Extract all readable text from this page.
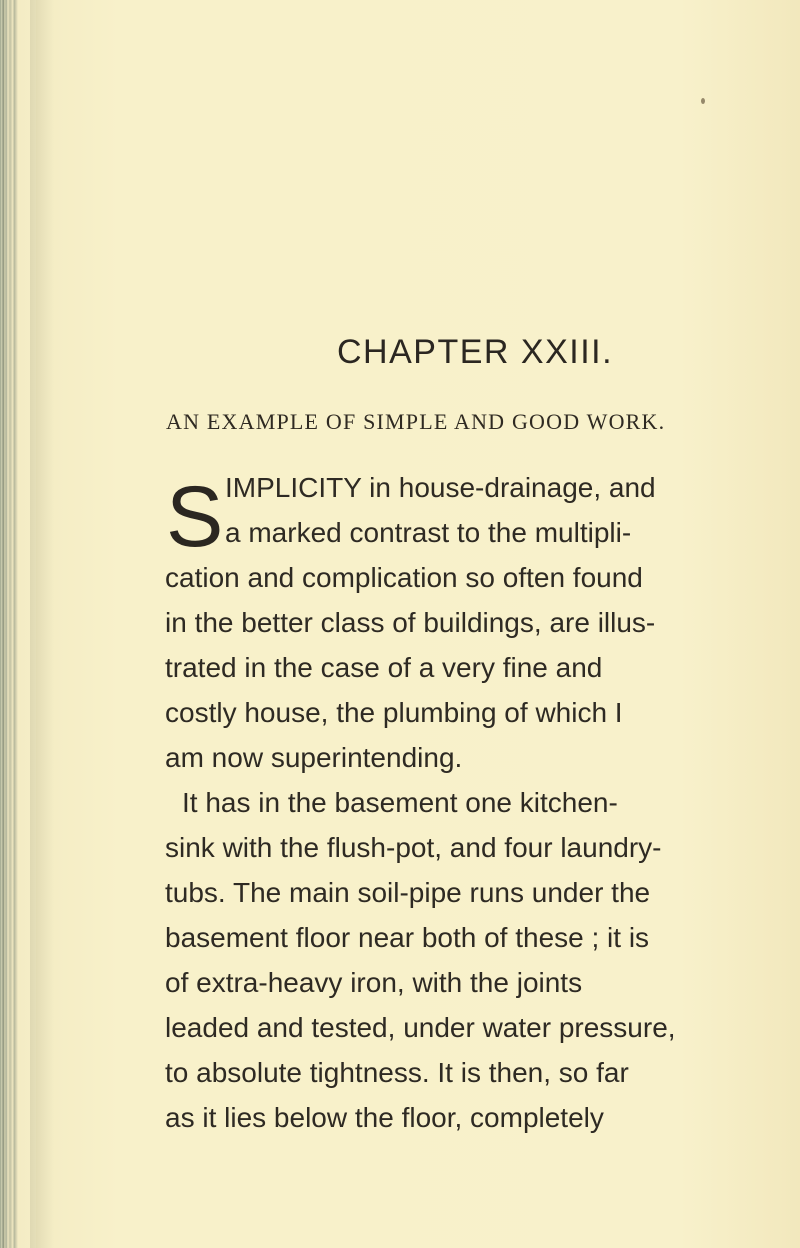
CHAPTER XXIII.
AN EXAMPLE OF SIMPLE AND GOOD WORK.
S IMPLICITY in house-drainage, and
a marked contrast to the multipli-
cation and complication so often found
in the better class of buildings, are illus-
trated in the case of a very fine and
costly house, the plumbing of which I
am now superintending.
It has in the basement one kitchen-
sink with the flush-pot, and four laundry-
tubs. The main soil-pipe runs under the
basement floor near both of these ; it is
of extra-heavy iron, with the joints
leaded and tested, under water pressure,
to absolute tightness. It is then, so far
as it lies below the floor, completely
